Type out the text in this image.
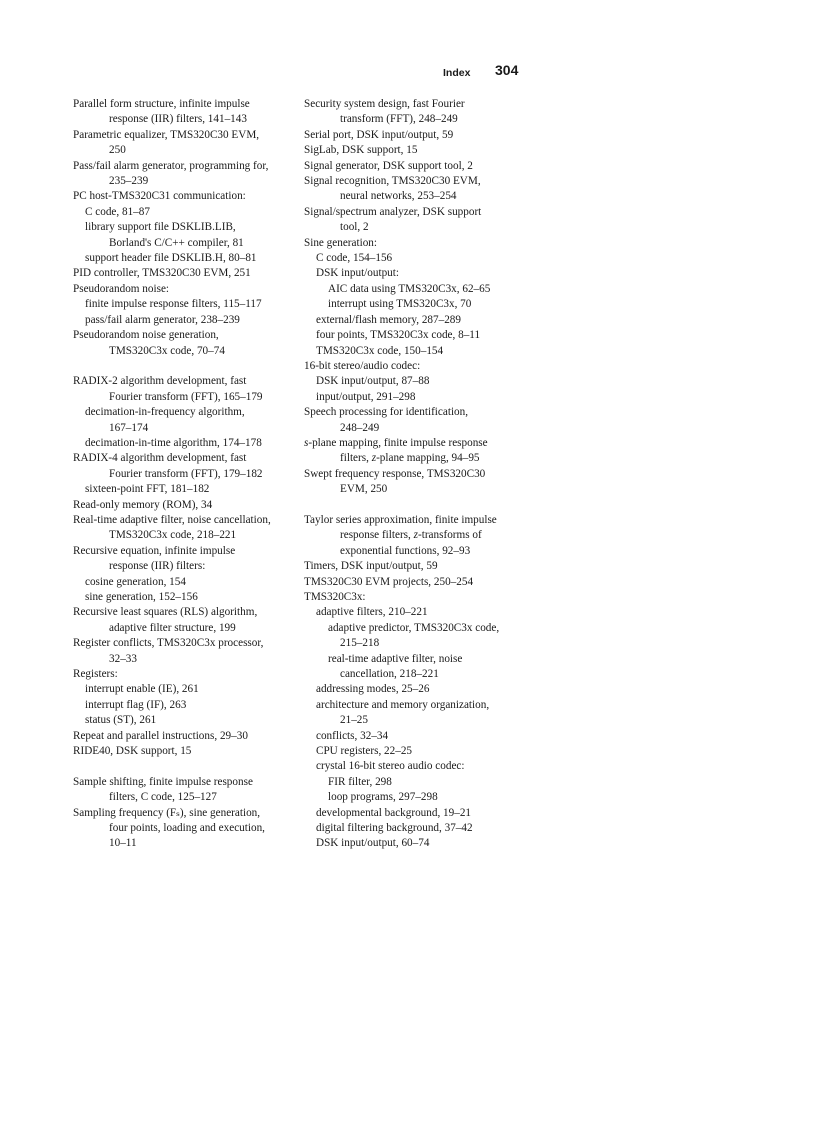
Index 304
Parallel form structure, infinite impulse
response (IIR) filters, 141–143
Parametric equalizer, TMS320C30 EVM,
250
Pass/fail alarm generator, programming for,
235–239
PC host-TMS320C31 communication:
C code, 81–87
library support file DSKLIB.LIB,
Borland's C/C++ compiler, 81
support header file DSKLIB.H, 80–81
PID controller, TMS320C30 EVM, 251
Pseudorandom noise:
finite impulse response filters, 115–117
pass/fail alarm generator, 238–239
Pseudorandom noise generation,
TMS320C3x code, 70–74
RADIX-2 algorithm development, fast
Fourier transform (FFT), 165–179
decimation-in-frequency algorithm,
167–174
decimation-in-time algorithm, 174–178
RADIX-4 algorithm development, fast
Fourier transform (FFT), 179–182
sixteen-point FFT, 181–182
Read-only memory (ROM), 34
Real-time adaptive filter, noise cancellation,
TMS320C3x code, 218–221
Recursive equation, infinite impulse
response (IIR) filters:
cosine generation, 154
sine generation, 152–156
Recursive least squares (RLS) algorithm,
adaptive filter structure, 199
Register conflicts, TMS320C3x processor,
32–33
Registers:
interrupt enable (IE), 261
interrupt flag (IF), 263
status (ST), 261
Repeat and parallel instructions, 29–30
RIDE40, DSK support, 15
Sample shifting, finite impulse response
filters, C code, 125–127
Sampling frequency (Fₛ), sine generation,
four points, loading and execution,
10–11
Security system design, fast Fourier
transform (FFT), 248–249
Serial port, DSK input/output, 59
SigLab, DSK support, 15
Signal generator, DSK support tool, 2
Signal recognition, TMS320C30 EVM,
neural networks, 253–254
Signal/spectrum analyzer, DSK support
tool, 2
Sine generation:
C code, 154–156
DSK input/output:
AIC data using TMS320C3x, 62–65
interrupt using TMS320C3x, 70
external/flash memory, 287–289
four points, TMS320C3x code, 8–11
TMS320C3x code, 150–154
16-bit stereo/audio codec:
DSK input/output, 87–88
input/output, 291–298
Speech processing for identification,
248–249
s-plane mapping, finite impulse response
filters, z-plane mapping, 94–95
Swept frequency response, TMS320C30
EVM, 250
Taylor series approximation, finite impulse
response filters, z-transforms of
exponential functions, 92–93
Timers, DSK input/output, 59
TMS320C30 EVM projects, 250–254
TMS320C3x:
adaptive filters, 210–221
adaptive predictor, TMS320C3x code,
215–218
real-time adaptive filter, noise
cancellation, 218–221
addressing modes, 25–26
architecture and memory organization,
21–25
conflicts, 32–34
CPU registers, 22–25
crystal 16-bit stereo audio codec:
FIR filter, 298
loop programs, 297–298
developmental background, 19–21
digital filtering background, 37–42
DSK input/output, 60–74
